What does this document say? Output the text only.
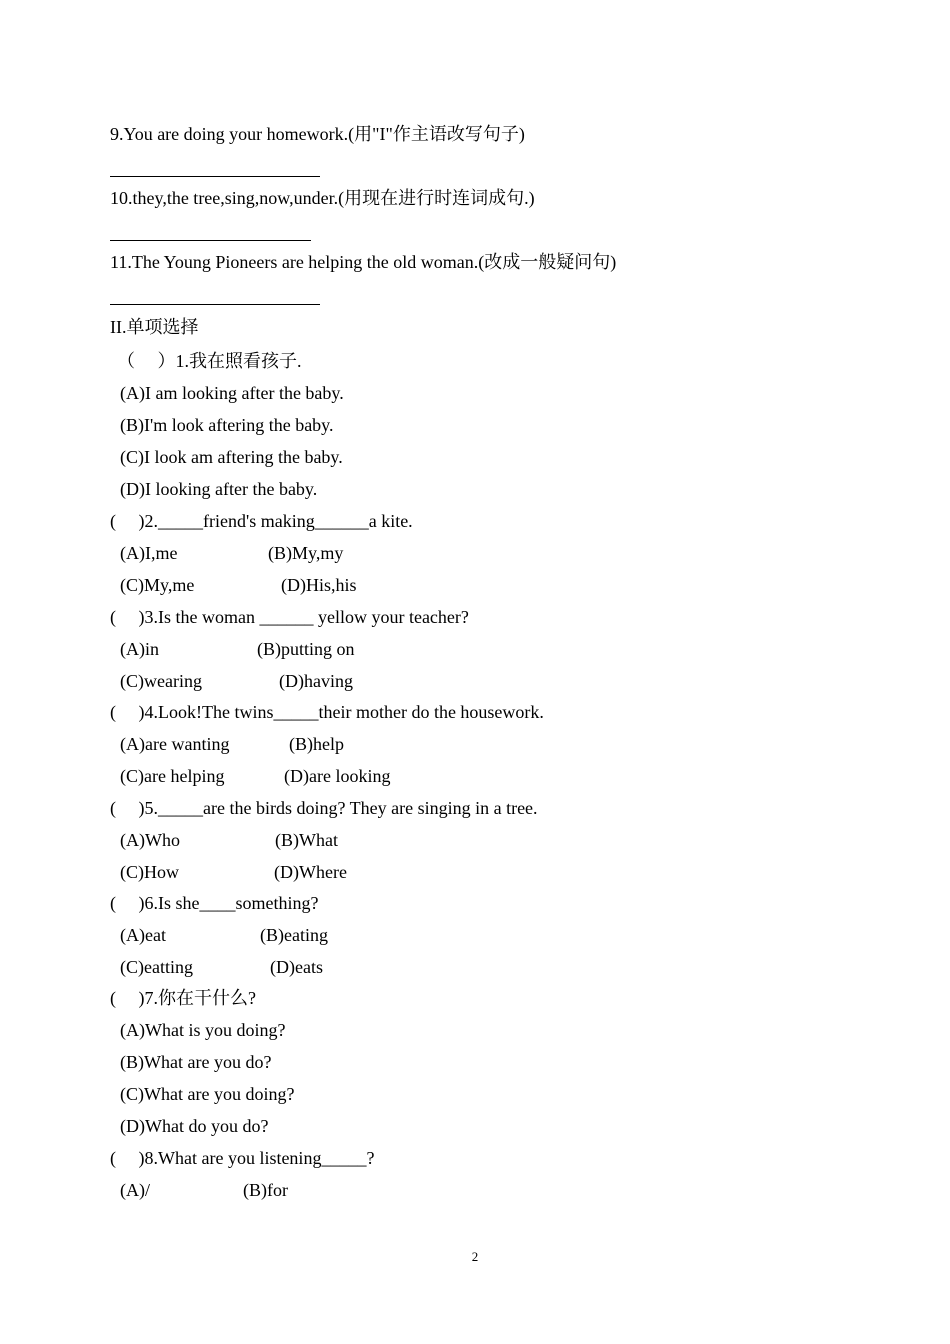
9.You are doing your homework.(用"I"作主语改写句子)
10.they,the tree,sing,now,under.(用现在进行时连词成句.)
11.The Young Pioneers are helping the old woman.(改成一般疑问句)
II.单项选择
（　 ）1.我在照看孩子.
(A)I am looking after the baby.
(B)I'm look aftering the baby.
(C)I look am aftering the baby.
(D)I looking after the baby.
(　 )2._____friend's making______a kite.
(A)I,me	(B)My,my
(C)My,me	(D)His,his
(　 )3.Is the woman ______ yellow your teacher?
(A)in	(B)putting on
(C)wearing	(D)having
(　 )4.Look!The twins_____their mother do the housework.
(A)are wanting	(B)help
(C)are helping	(D)are looking
(　 )5._____are the birds doing? They are singing in a tree.
(A)Who	(B)What
(C)How	(D)Where
(　 )6.Is she____something?
(A)eat	(B)eating
(C)eatting	(D)eats
(　 )7.你在干什么?
(A)What is you doing?
(B)What are you do?
(C)What are you doing?
(D)What do you do?
(　 )8.What are you listening_____?
(A)/	(B)for
2
